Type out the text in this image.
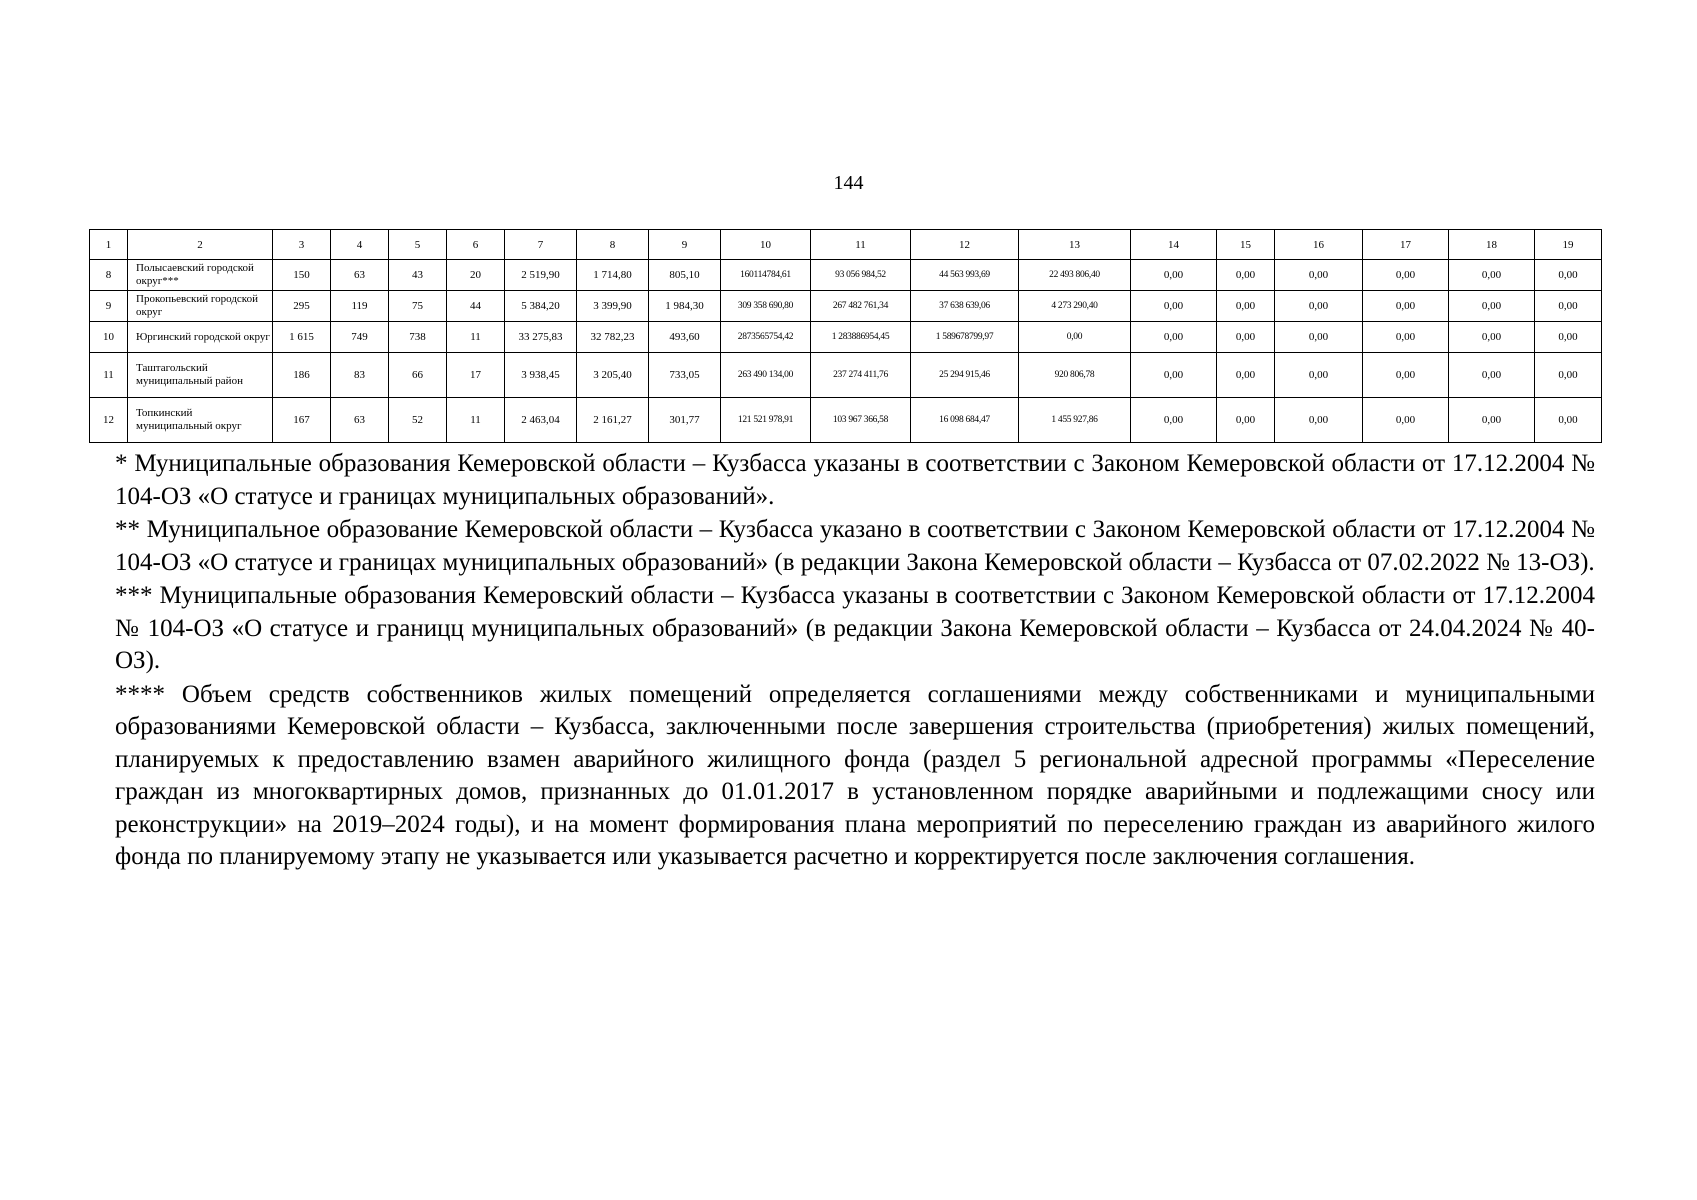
144
1	2	3	4	5	6	7	8	9	10	11	12	13	14	15	16	17	18	19
8	Полысаевский городской округ***	150	63	43	20	2 519,90	1 714,80	805,10	160114784,61	93 056 984,52	44 563 993,69	22 493 806,40	0,00	0,00	0,00	0,00	0,00	0,00
9	Прокопьевский городской округ	295	119	75	44	5 384,20	3 399,90	1 984,30	309 358 690,80	267 482 761,34	37 638 639,06	4 273 290,40	0,00	0,00	0,00	0,00	0,00	0,00
10	Юргинский городской округ	1 615	749	738	11	33 275,83	32 782,23	493,60	2873565754,42	1 283886954,45	1 589678799,97	0,00	0,00	0,00	0,00	0,00	0,00	0,00
11	Таштагольский муниципальный район	186	83	66	17	3 938,45	3 205,40	733,05	263 490 134,00	237 274 411,76	25 294 915,46	920 806,78	0,00	0,00	0,00	0,00	0,00	0,00
12	Топкинский муниципальный округ	167	63	52	11	2 463,04	2 161,27	301,77	121 521 978,91	103 967 366,58	16 098 684,47	1 455 927,86	0,00	0,00	0,00	0,00	0,00	0,00

* Муниципальные образования Кемеровской области – Кузбасса указаны в соответствии с Законом Кемеровской области от 17.12.2004 № 104-ОЗ «О статусе и границах муниципальных образований».

** Муниципальное образование Кемеровской области – Кузбасса указано в соответствии с Законом Кемеровской области от 17.12.2004 № 104-ОЗ «О статусе и границах муниципальных образований» (в редакции Закона Кемеровской области – Кузбасса от 07.02.2022 № 13-ОЗ).

*** Муниципальные образования Кемеровский области – Кузбасса указаны в соответствии с Законом Кемеровской области от 17.12.2004 № 104-ОЗ «О статусе и границц муниципальных образований» (в редакции Закона Кемеровской области – Кузбасса от 24.04.2024 № 40-ОЗ).

**** Объем средств собственников жилых помещений определяется соглашениями между собственниками и муниципальными образованиями Кемеровской области – Кузбасса, заключенными после завершения строительства (приобретения) жилых помещений, планируемых к предоставлению взамен аварийного жилищного фонда (раздел 5 региональной адресной программы «Переселение граждан из многоквартирных домов, признанных до 01.01.2017 в установленном порядке аварийными и подлежащими сносу или реконструкции» на 2019–2024 годы), и на момент формирования плана мероприятий по переселению граждан из аварийного жилого фонда по планируемому этапу не указывается или указывается расчетно и корректируется после заключения соглашения.
